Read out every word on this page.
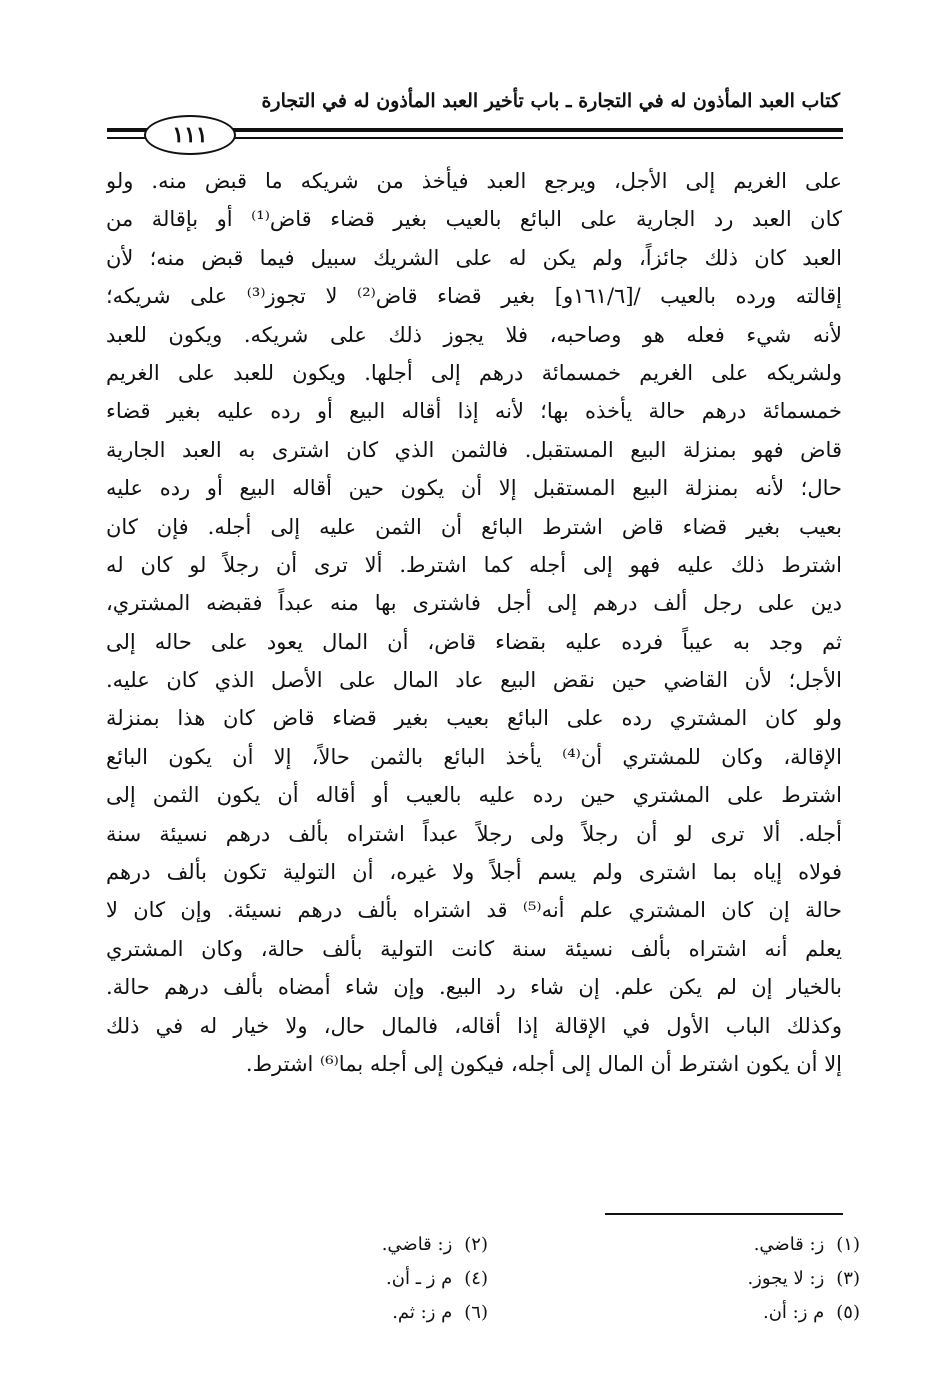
كتاب العبد المأذون له في التجارة ـ باب تأخير العبد المأذون له في التجارة
١١١
على الغريم إلى الأجل، ويرجع العبد فيأخذ من شريكه ما قبض منه. ولو
كان العبد رد الجارية على البائع بالعيب بغير قضاء قاض⁽¹⁾ أو بإقالة من
العبد كان ذلك جائزاً، ولم يكن له على الشريك سبيل فيما قبض منه؛ لأن
إقالته ورده بالعيب /[١٦١/٦و] بغير قضاء قاض⁽²⁾ لا تجوز⁽³⁾ على شريكه؛
لأنه شيء فعله هو وصاحبه، فلا يجوز ذلك على شريكه. ويكون للعبد
ولشريكه على الغريم خمسمائة درهم إلى أجلها. ويكون للعبد على الغريم
خمسمائة درهم حالة يأخذه بها؛ لأنه إذا أقاله البيع أو رده عليه بغير قضاء
قاض فهو بمنزلة البيع المستقبل. فالثمن الذي كان اشترى به العبد الجارية
حال؛ لأنه بمنزلة البيع المستقبل إلا أن يكون حين أقاله البيع أو رده عليه
بعيب بغير قضاء قاض اشترط البائع أن الثمن عليه إلى أجله. فإن كان
اشترط ذلك عليه فهو إلى أجله كما اشترط. ألا ترى أن رجلاً لو كان له
دين على رجل ألف درهم إلى أجل فاشترى بها منه عبداً فقبضه المشتري،
ثم وجد به عيباً فرده عليه بقضاء قاض، أن المال يعود على حاله إلى
الأجل؛ لأن القاضي حين نقض البيع عاد المال على الأصل الذي كان عليه.
ولو كان المشتري رده على البائع بعيب بغير قضاء قاض كان هذا بمنزلة
الإقالة، وكان للمشتري أن⁽⁴⁾ يأخذ البائع بالثمن حالاً، إلا أن يكون البائع
اشترط على المشتري حين رده عليه بالعيب أو أقاله أن يكون الثمن إلى
أجله. ألا ترى لو أن رجلاً ولى رجلاً عبداً اشتراه بألف درهم نسيئة سنة
فولاه إياه بما اشترى ولم يسم أجلاً ولا غيره، أن التولية تكون بألف درهم
حالة إن كان المشتري علم أنه⁽⁵⁾ قد اشتراه بألف درهم نسيئة. وإن كان لا
يعلم أنه اشتراه بألف نسيئة سنة كانت التولية بألف حالة، وكان المشتري
بالخيار إن لم يكن علم. إن شاء رد البيع. وإن شاء أمضاه بألف درهم حالة.
وكذلك الباب الأول في الإقالة إذا أقاله، فالمال حال، ولا خيار له في ذلك
إلا أن يكون اشترط أن المال إلى أجله، فيكون إلى أجله بما⁽⁶⁾ اشترط.
(١)ز: قاضي.
(٢)ز: قاضي.
(٣)ز: لا يجوز.
(٤)م ز ـ أن.
(٥)م ز: أن.
(٦)م ز: ثم.
